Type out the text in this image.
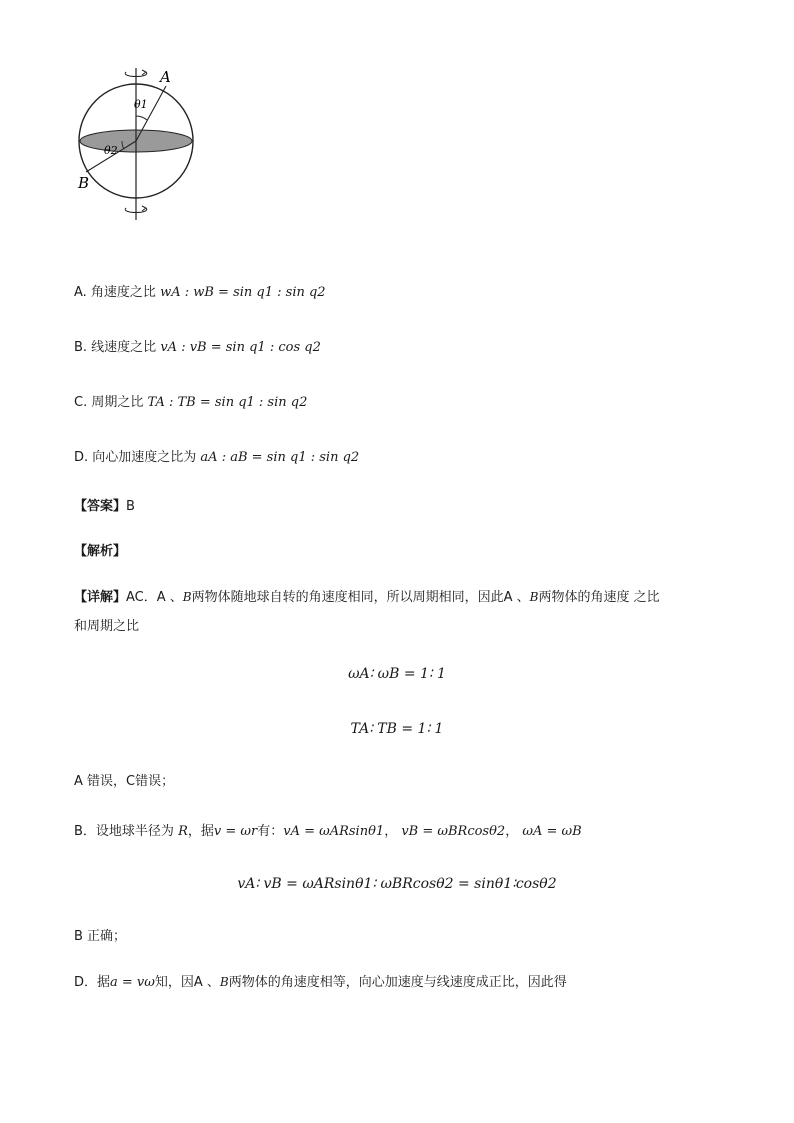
A
B
θ1
θ2
A. 角速度之比 wA : wB = sin q1 : sin q2
B. 线速度之比 vA : vB = sin q1 : cos q2
C. 周期之比 TA : TB = sin q1 : sin q2
D. 向心加速度之比为 aA : aB = sin q1 : sin q2
【答案】B
【解析】
【详解】AC．A 、B两物体随地球自转的角速度相同，所以周期相同，因此A 、B两物体的角速度 之比
和周期之比
ωA∶ ωB = 1∶ 1
TA∶ TB = 1∶ 1
A 错误，C错误；
B．设地球半径为 R，据v = ωr有：vA = ωARsinθ1， vB = ωBRcosθ2， ωA = ωB
vA∶ vB = ωARsinθ1∶ ωBRcosθ2 = sinθ1∶cosθ2
B 正确；
D．据a = vω知，因A 、B两物体的角速度相等，向心加速度与线速度成正比，因此得
